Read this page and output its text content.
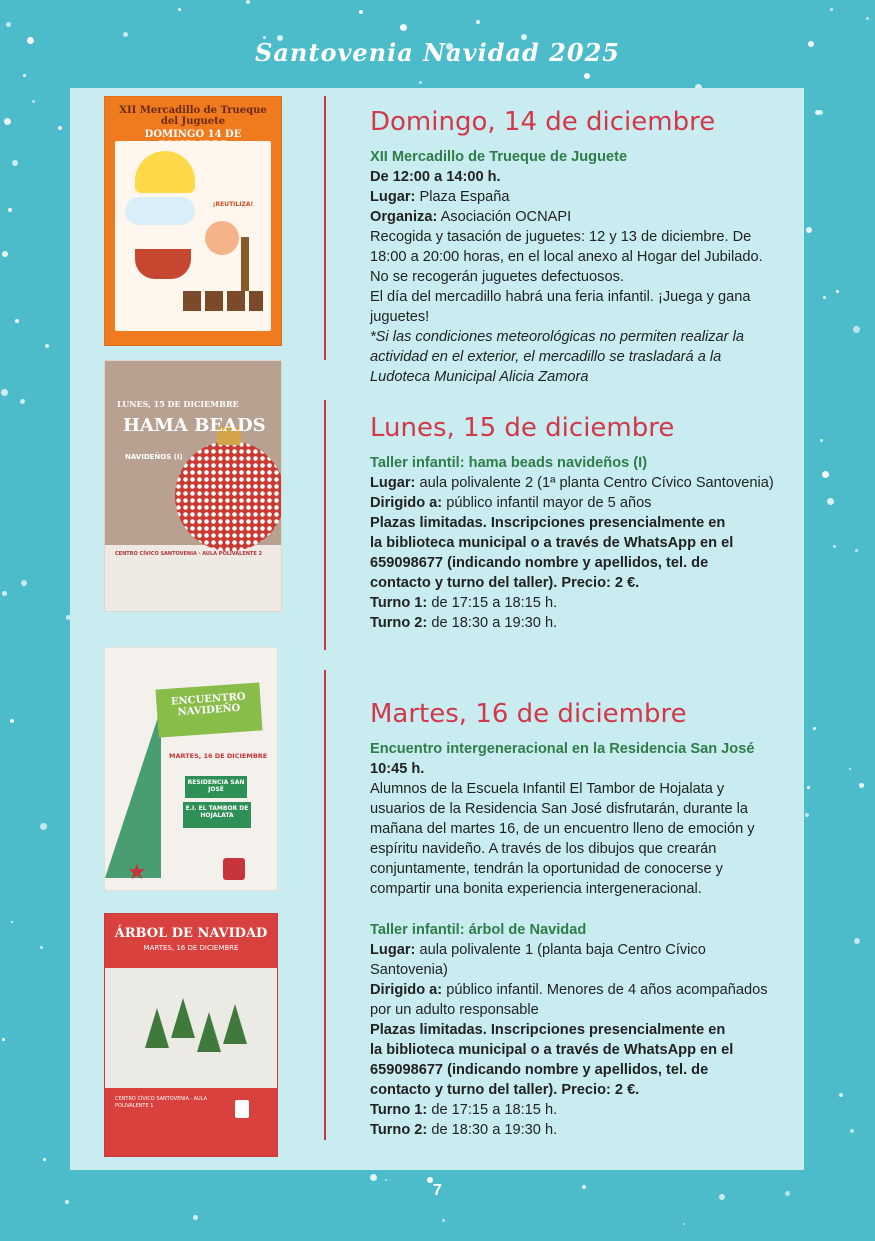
Santovenia Navidad 2025
XII Mercadillo de Trueque del Juguete
DOMINGO 14 DE
¡REUTILIZA!
LUNES, 15 DE DICIEMBRE
HAMA BEADS
NAVIDEÑOS (I)
CENTRO CÍVICO SANTOVENIA · AULA POLIVALENTE 2
ENCUENTRO NAVIDEÑO
MARTES, 16 DE DICIEMBRE
RESIDENCIA SAN JOSÉ
E.I. EL TAMBOR DE HOJALATA
★
ÁRBOL DE NAVIDAD
MARTES, 16 DE DICIEMBRE
CENTRO CÍVICO SANTOVENIA · AULA POLIVALENTE 1
Domingo, 14 de diciembre
XII Mercadillo de Trueque de Juguete
De 12:00 a 14:00 h.
Lugar: Plaza España
Organiza: Asociación OCNAPI
Recogida y tasación de juguetes: 12 y 13 de diciembre. De 18:00 a 20:00 horas, en el local anexo al Hogar del Jubilado. No se recogerán juguetes defectuosos.
El día del mercadillo habrá una feria infantil. ¡Juega y gana juguetes!
*Si las condiciones meteorológicas no permiten realizar la actividad en el exterior, el mercadillo se trasladará a la Ludoteca Municipal Alicia Zamora
Lunes, 15 de diciembre
Taller infantil: hama beads navideños (I)
Lugar: aula polivalente 2 (1ª planta Centro Cívico Santovenia)
Dirigido a: público infantil mayor de 5 años
Plazas limitadas. Inscripciones presencialmente en la biblioteca municipal o a través de WhatsApp en el 659098677 (indicando nombre y apellidos, tel. de contacto y turno del taller). Precio: 2 €.
Turno 1: de 17:15 a 18:15 h.
Turno 2: de 18:30 a 19:30 h.
Martes, 16 de diciembre
Encuentro intergeneracional en la Residencia San José
10:45 h.
Alumnos de la Escuela Infantil El Tambor de Hojalata y usuarios de la Residencia San José disfrutarán, durante la mañana del martes 16, de un encuentro lleno de emoción y espíritu navideño. A través de los dibujos que crearán conjuntamente, tendrán la oportunidad de conocerse y compartir una bonita experiencia intergeneracional.
Taller infantil: árbol de Navidad
Lugar: aula polivalente 1 (planta baja Centro Cívico Santovenia)
Dirigido a: público infantil. Menores de 4 años acompañados por un adulto responsable
Plazas limitadas. Inscripciones presencialmente en la biblioteca municipal o a través de WhatsApp en el 659098677 (indicando nombre y apellidos, tel. de contacto y turno del taller). Precio: 2 €.
Turno 1: de 17:15 a 18:15 h.
Turno 2: de 18:30 a 19:30 h.
7
